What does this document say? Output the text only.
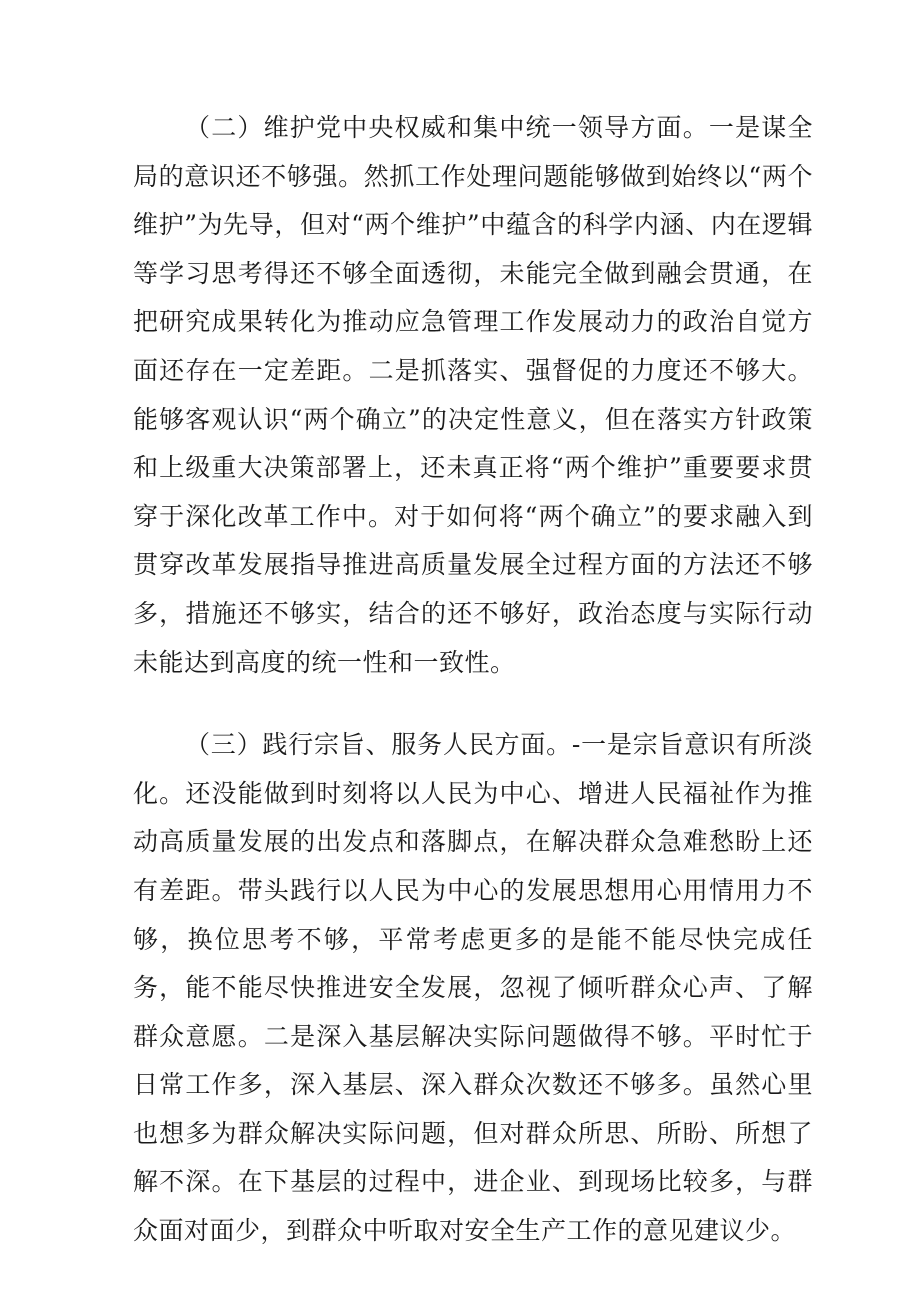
（二）维护党中央权威和集中统一领导方面。一是谋全局的意识还不够强。然抓工作处理问题能够做到始终以“两个维护”为先导，但对“两个维护”中蕴含的科学内涵、内在逻辑等学习思考得还不够全面透彻，未能完全做到融会贯通，在把研究成果转化为推动应急管理工作发展动力的政治自觉方面还存在一定差距。二是抓落实、强督促的力度还不够大。能够客观认识“两个确立”的决定性意义，但在落实方针政策和上级重大决策部署上，还未真正将“两个维护”重要要求贯穿于深化改革工作中。对于如何将“两个确立”的要求融入到贯穿改革发展指导推进高质量发展全过程方面的方法还不够多，措施还不够实，结合的还不够好，政治态度与实际行动未能达到高度的统一性和一致性。

（三）践行宗旨、服务人民方面。-一是宗旨意识有所淡化。还没能做到时刻将以人民为中心、增进人民福祉作为推动高质量发展的出发点和落脚点，在解决群众急难愁盼上还有差距。带头践行以人民为中心的发展思想用心用情用力不够，换位思考不够，平常考虑更多的是能不能尽快完成任务，能不能尽快推进安全发展，忽视了倾听群众心声、了解群众意愿。二是深入基层解决实际问题做得不够。平时忙于日常工作多，深入基层、深入群众次数还不够多。虽然心里也想多为群众解决实际问题，但对群众所思、所盼、所想了解不深。在下基层的过程中，进企业、到现场比较多，与群众面对面少，到群众中听取对安全生产工作的意见建议少。
